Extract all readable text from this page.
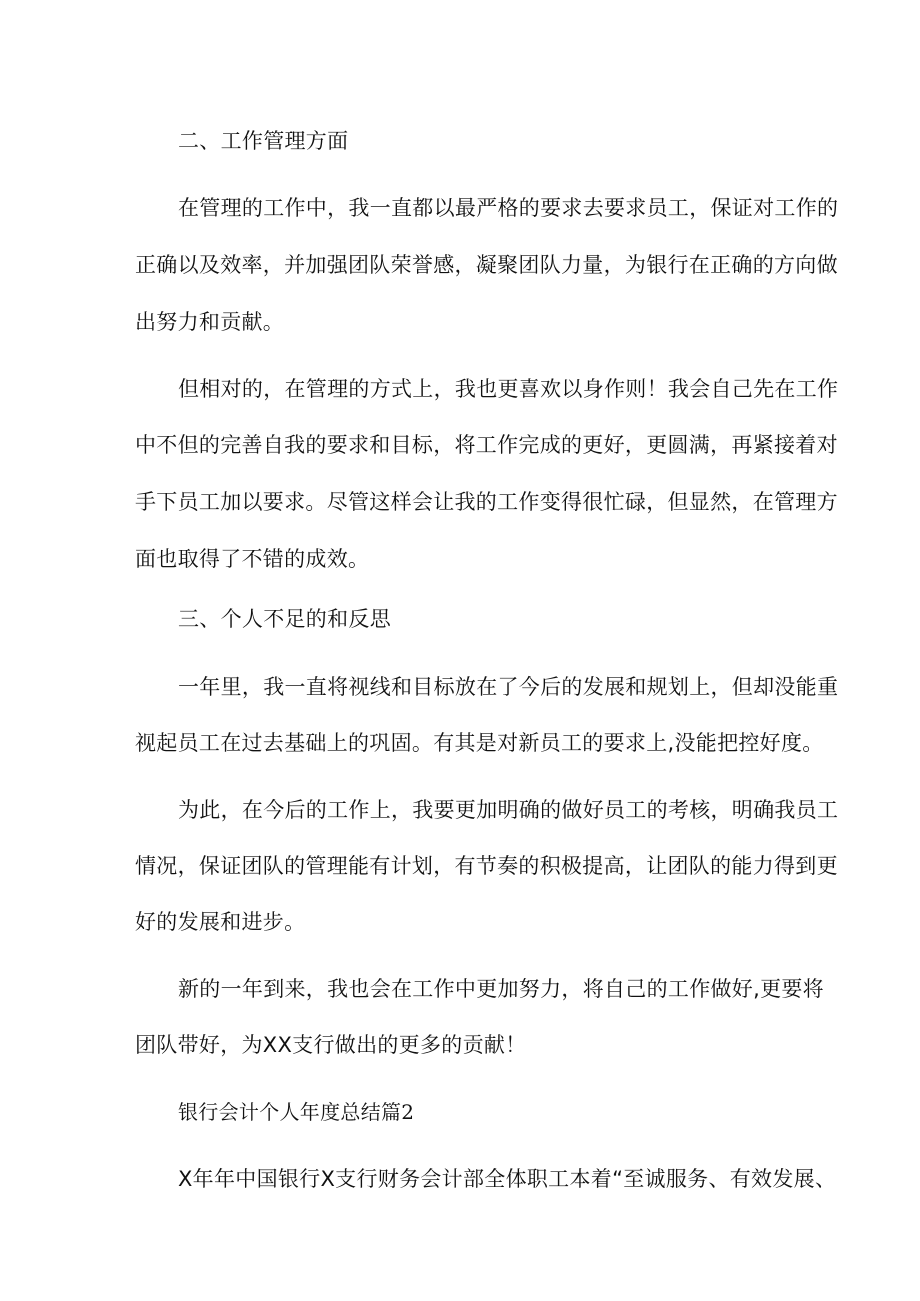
二、工作管理方面
在管理的工作中，我一直都以最严格的要求去要求员工，保证对工作的
正确以及效率，并加强团队荣誉感，凝聚团队力量，为银行在正确的方向做
出努力和贡献。
但相对的，在管理的方式上，我也更喜欢以身作则！我会自己先在工作
中不但的完善自我的要求和目标，将工作完成的更好，更圆满，再紧接着对
手下员工加以要求。尽管这样会让我的工作变得很忙碌，但显然，在管理方
面也取得了不错的成效。
三、个人不足的和反思
一年里，我一直将视线和目标放在了今后的发展和规划上，但却没能重
视起员工在过去基础上的巩固。有其是对新员工的要求上,没能把控好度。
为此，在今后的工作上，我要更加明确的做好员工的考核，明确我员工
情况，保证团队的管理能有计划，有节奏的积极提高，让团队的能力得到更
好的发展和进步。
新的一年到来，我也会在工作中更加努力，将自己的工作做好,更要将
团队带好，为XX支行做出的更多的贡献！
银行会计个人年度总结篇2
X年年中国银行X支行财务会计部全体职工本着“至诚服务、有效发展、
